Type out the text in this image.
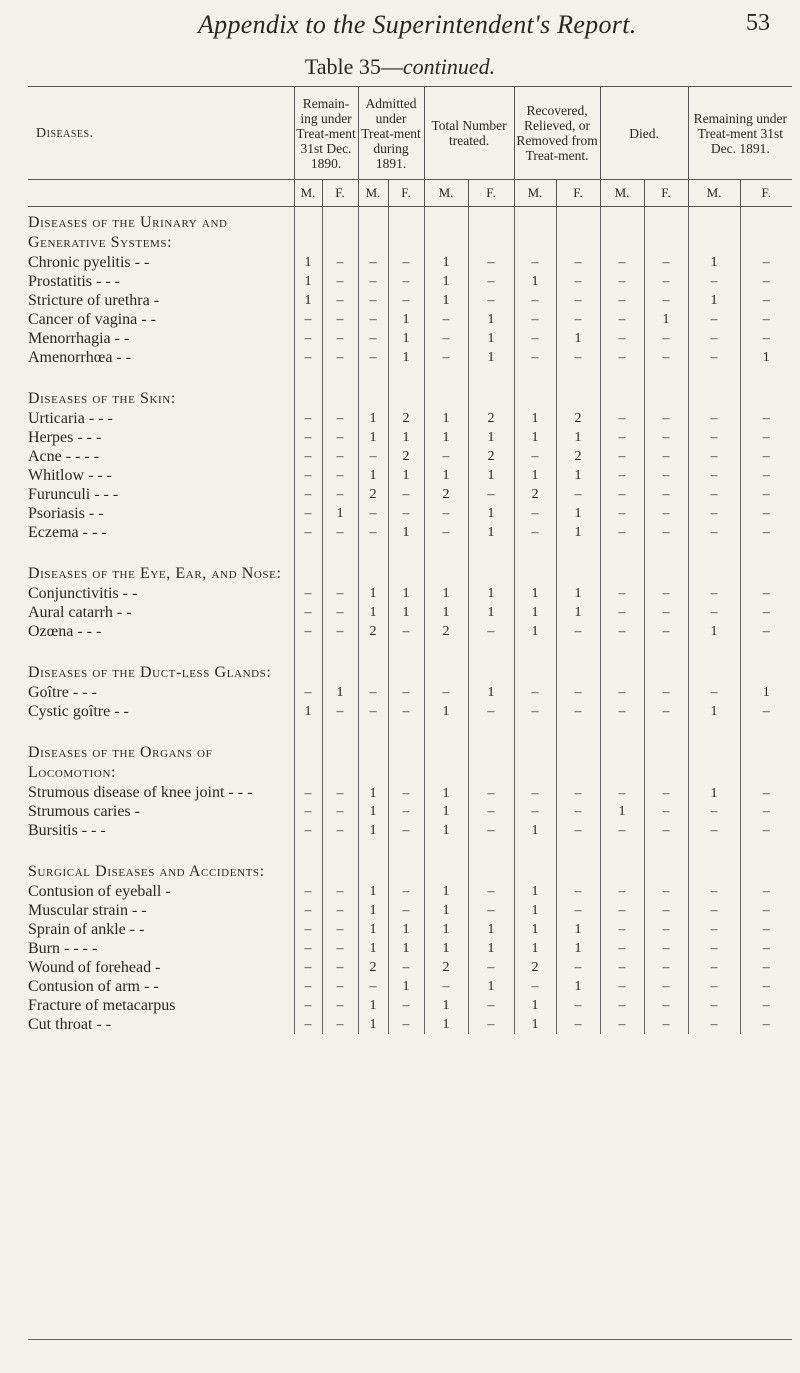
Appendix to the Superintendent's Report.	53
Table 35—continued.
Diseases.	Remain-ing under Treat-ment 31st Dec. 1890.		Admitted under Treat-ment during 1891.		Total Number treated.		Recovered, Relieved, or Removed from Treat-ment.		Died.		Remaining under Treat-ment 31st Dec. 1891.	
	M.	F.	M.	F.	M.	F.	M.	F.	M.	F.	M.	F.

Diseases of the Urinary and Generative Systems:												
Chronic pyelitis - -	1	–	–	–	1	–	–	–	–	–	1	–
Prostatitis - - -	1	–	–	–	1	–	1	–	–	–	–	–
Stricture of urethra -	1	–	–	–	1	–	–	–	–	–	1	–
Cancer of vagina - -	–	–	–	1	–	1	–	–	–	1	–	–
Menorrhagia - -	–	–	–	1	–	1	–	1	–	–	–	–
Amenorrhœa - -	–	–	–	1	–	1	–	–	–	–	–	1

Diseases of the Skin:												
Urticaria - - -	–	–	1	2	1	2	1	2	–	–	–	–
Herpes - - -	–	–	1	1	1	1	1	1	–	–	–	–
Acne - - - -	–	–	–	2	–	2	–	2	–	–	–	–
Whitlow - - -	–	–	1	1	1	1	1	1	–	–	–	–
Furunculi - - -	–	–	2	–	2	–	2	–	–	–	–	–
Psoriasis - -	–	1	–	–	–	1	–	1	–	–	–	–
Eczema - - -	–	–	–	1	–	1	–	1	–	–	–	–

Diseases of the Eye, Ear, and Nose:												
Conjunctivitis - -	–	–	1	1	1	1	1	1	–	–	–	–
Aural catarrh - -	–	–	1	1	1	1	1	1	–	–	–	–
Ozœna - - -	–	–	2	–	2	–	1	–	–	–	1	–

Diseases of the Duct-less Glands:												
Goître - - -	–	1	–	–	–	1	–	–	–	–	–	1
Cystic goître - -	1	–	–	–	1	–	–	–	–	–	1	–

Diseases of the Organs of Locomotion:												
Strumous disease of knee joint - - -	–	–	1	–	1	–	–	–	–	–	1	–
Strumous caries -	–	–	1	–	1	–	–	–	1	–	–	–
Bursitis - - -	–	–	1	–	1	–	1	–	–	–	–	–

Surgical Diseases and Accidents:												
Contusion of eyeball -	–	–	1	–	1	–	1	–	–	–	–	–
Muscular strain - -	–	–	1	–	1	–	1	–	–	–	–	–
Sprain of ankle - -	–	–	1	1	1	1	1	1	–	–	–	–
Burn - - - -	–	–	1	1	1	1	1	1	–	–	–	–
Wound of forehead -	–	–	2	–	2	–	2	–	–	–	–	–
Contusion of arm - -	–	–	–	1	–	1	–	1	–	–	–	–
Fracture of metacarpus	–	–	1	–	1	–	1	–	–	–	–	–
Cut throat - -	–	–	1	–	1	–	1	–	–	–	–	–
